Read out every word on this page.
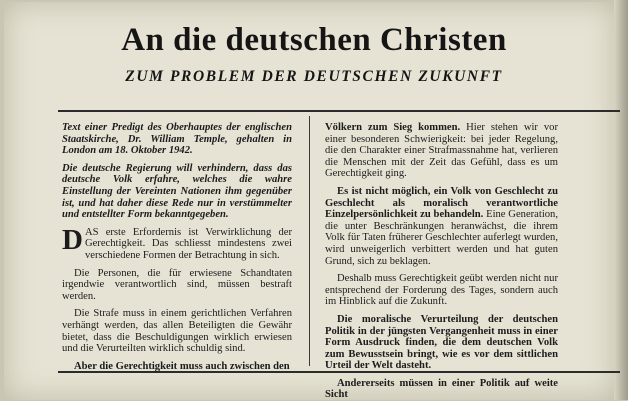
An die deutschen Christen
ZUM PROBLEM DER DEUTSCHEN ZUKUNFT

Text einer Predigt des Oberhauptes der englischen Staatskirche, Dr. William Temple, gehalten in London am 18. Oktober 1942.

Die deutsche Regierung will verhindern, dass das deutsche Volk erfahre, welches die wahre Einstellung der Vereinten Nationen ihm gegenüber ist, und hat daher diese Rede nur in verstümmelter und entstellter Form bekanntgegeben.

DAS erste Erfordernis ist Verwirklichung der Gerechtigkeit. Das schliesst mindestens zwei verschiedene Formen der Betrachtung in sich.

Die Personen, die für erwiesene Schandtaten irgendwie verantwortlich sind, müssen bestraft werden.

Die Strafe muss in einem gerichtlichen Verfahren verhängt werden, das allen Beteiligten die Gewähr bietet, dass die Beschuldigungen wirklich erwiesen und die Verurteilten wirklich schuldig sind.

Aber die Gerechtigkeit muss auch zwischen den

Völkern zum Sieg kommen. Hier stehen wir vor einer besonderen Schwierigkeit: bei jeder Regelung, die den Charakter einer Strafmassnahme hat, verlieren die Menschen mit der Zeit das Gefühl, dass es um Gerechtigkeit ging.

Es ist nicht möglich, ein Volk von Geschlecht zu Geschlecht als moralisch verantwortliche Einzelpersönlichkeit zu behandeln. Eine Generation, die unter Beschränkungen heranwächst, die ihrem Volk für Taten früherer Geschlechter auferlegt wurden, wird unweigerlich verbittert werden und hat guten Grund, sich zu beklagen.

Deshalb muss Gerechtigkeit geübt werden nicht nur entsprechend der Forderung des Tages, sondern auch im Hinblick auf die Zukunft.

Die moralische Verurteilung der deutschen Politik in der jüngsten Vergangenheit muss in einer Form Ausdruck finden, die dem deutschen Volk zum Bewusstsein bringt, wie es vor dem sittlichen Urteil der Welt dasteht.

Andererseits müssen in einer Politik auf weite Sicht
